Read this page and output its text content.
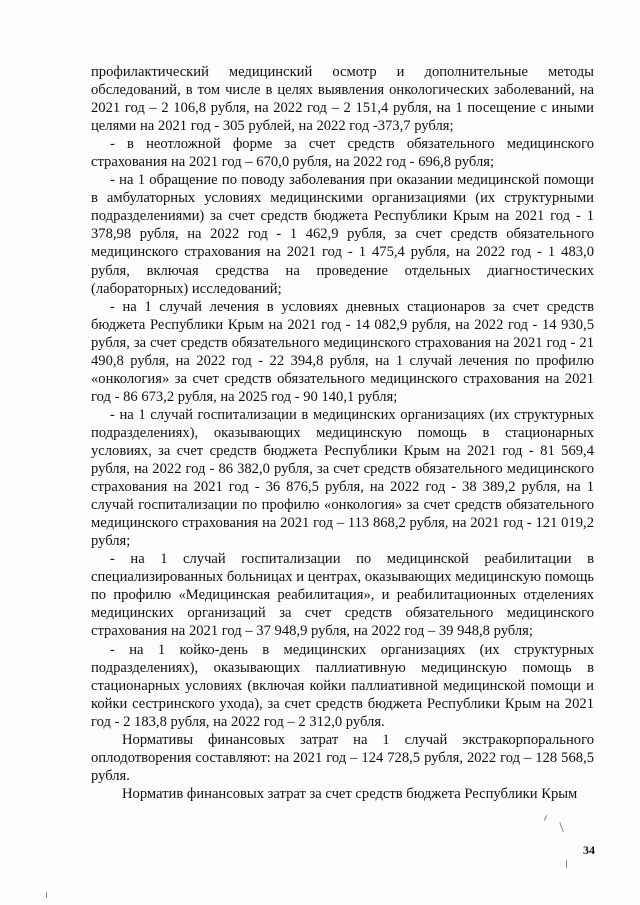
профилактический медицинский осмотр и дополнительные методы обследований, в том числе в целях выявления онкологических заболеваний, на 2021 год – 2 106,8 рубля, на 2022 год – 2 151,4 рубля, на 1 посещение с иными целями на 2021 год - 305 рублей, на 2022 год -373,7 рубля;

- в неотложной форме за счет средств обязательного медицинского страхования на 2021 год – 670,0 рубля, на 2022 год - 696,8 рубля;

- на 1 обращение по поводу заболевания при оказании медицинской помощи в амбулаторных условиях медицинскими организациями (их структурными подразделениями) за счет средств бюджета Республики Крым на 2021 год - 1 378,98 рубля, на 2022 год - 1 462,9 рубля, за счет средств обязательного медицинского страхования на 2021 год - 1 475,4 рубля, на 2022 год - 1 483,0 рубля, включая средства на проведение отдельных диагностических (лабораторных) исследований;

- на 1 случай лечения в условиях дневных стационаров за счет средств бюджета Республики Крым на 2021 год - 14 082,9 рубля, на 2022 год - 14 930,5 рубля, за счет средств обязательного медицинского страхования на 2021 год - 21 490,8 рубля, на 2022 год - 22 394,8 рубля, на 1 случай лечения по профилю «онкология» за счет средств обязательного медицинского страхования на 2021 год - 86 673,2 рубля, на 2025 год - 90 140,1 рубля;

- на 1 случай госпитализации в медицинских организациях (их структурных подразделениях), оказывающих медицинскую помощь в стационарных условиях, за счет средств бюджета Республики Крым на 2021 год - 81 569,4 рубля, на 2022 год - 86 382,0 рубля, за счет средств обязательного медицинского страхования на 2021 год - 36 876,5 рубля, на 2022 год - 38 389,2 рубля, на 1 случай госпитализации по профилю «онкология» за счет средств обязательного медицинского страхования на 2021 год – 113 868,2 рубля, на 2021 год - 121 019,2 рубля;

- на 1 случай госпитализации по медицинской реабилитации в специализированных больницах и центрах, оказывающих медицинскую помощь по профилю «Медицинская реабилитация», и реабилитационных отделениях медицинских организаций за счет средств обязательного медицинского страхования на 2021 год – 37 948,9 рубля, на 2022 год – 39 948,8 рубля;

- на 1 койко-день в медицинских организациях (их структурных подразделениях), оказывающих паллиативную медицинскую помощь в стационарных условиях (включая койки паллиативной медицинской помощи и койки сестринского ухода), за счет средств бюджета Республики Крым на 2021 год - 2 183,8 рубля, на 2022 год – 2 312,0 рубля.

Нормативы финансовых затрат на 1 случай экстракорпорального оплодотворения составляют: на 2021 год – 124 728,5 рубля, 2022 год – 128 568,5 рубля.

Норматив финансовых затрат за счет средств бюджета Республики Крым

34
